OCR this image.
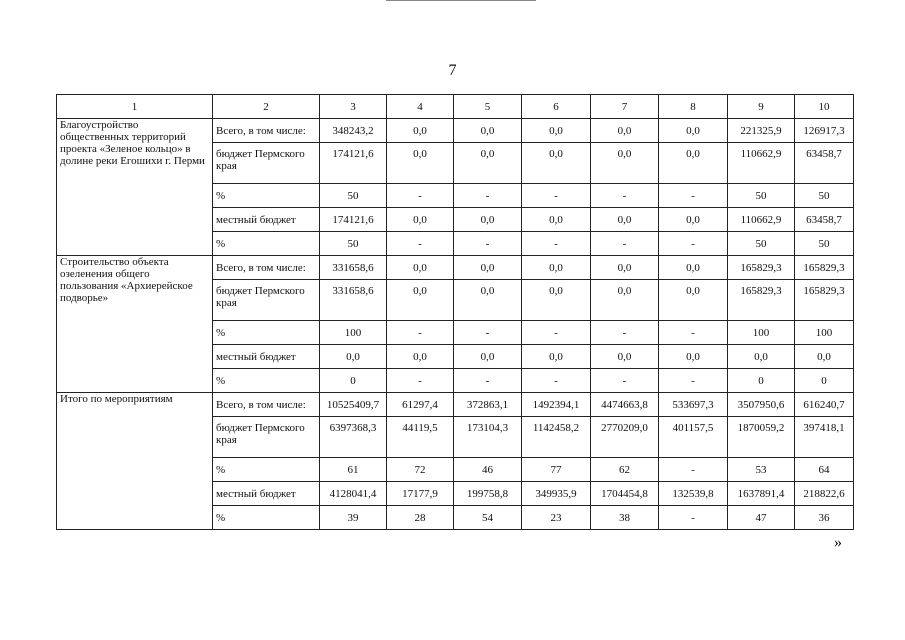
7
1	2	3	4	5	6	7	8	9	10
Благоустройство общественных территорий проекта «Зеленое кольцо» в долине реки Егошихи г. Перми	Всего, в том числе:	348243,2	0,0	0,0	0,0	0,0	0,0	221325,9	126917,3
	бюджет Пермского края	174121,6	0,0	0,0	0,0	0,0	0,0	110662,9	63458,7
	%	50	-	-	-	-	-	50	50
	местный бюджет	174121,6	0,0	0,0	0,0	0,0	0,0	110662,9	63458,7
	%	50	-	-	-	-	-	50	50
Строительство объекта озеленения общего пользования «Архиерейское подворье»	Всего, в том числе:	331658,6	0,0	0,0	0,0	0,0	0,0	165829,3	165829,3
	бюджет Пермского края	331658,6	0,0	0,0	0,0	0,0	0,0	165829,3	165829,3
	%	100	-	-	-	-	-	100	100
	местный бюджет	0,0	0,0	0,0	0,0	0,0	0,0	0,0	0,0
	%	0	-	-	-	-	-	0	0
Итого по мероприятиям	Всего, в том числе:	10525409,7	61297,4	372863,1	1492394,1	4474663,8	533697,3	3507950,6	616240,7
	бюджет Пермского края	6397368,3	44119,5	173104,3	1142458,2	2770209,0	401157,5	1870059,2	397418,1
	%	61	72	46	77	62	-	53	64
	местный бюджет	4128041,4	17177,9	199758,8	349935,9	1704454,8	132539,8	1637891,4	218822,6
	%	39	28	54	23	38	-	47	36
»
